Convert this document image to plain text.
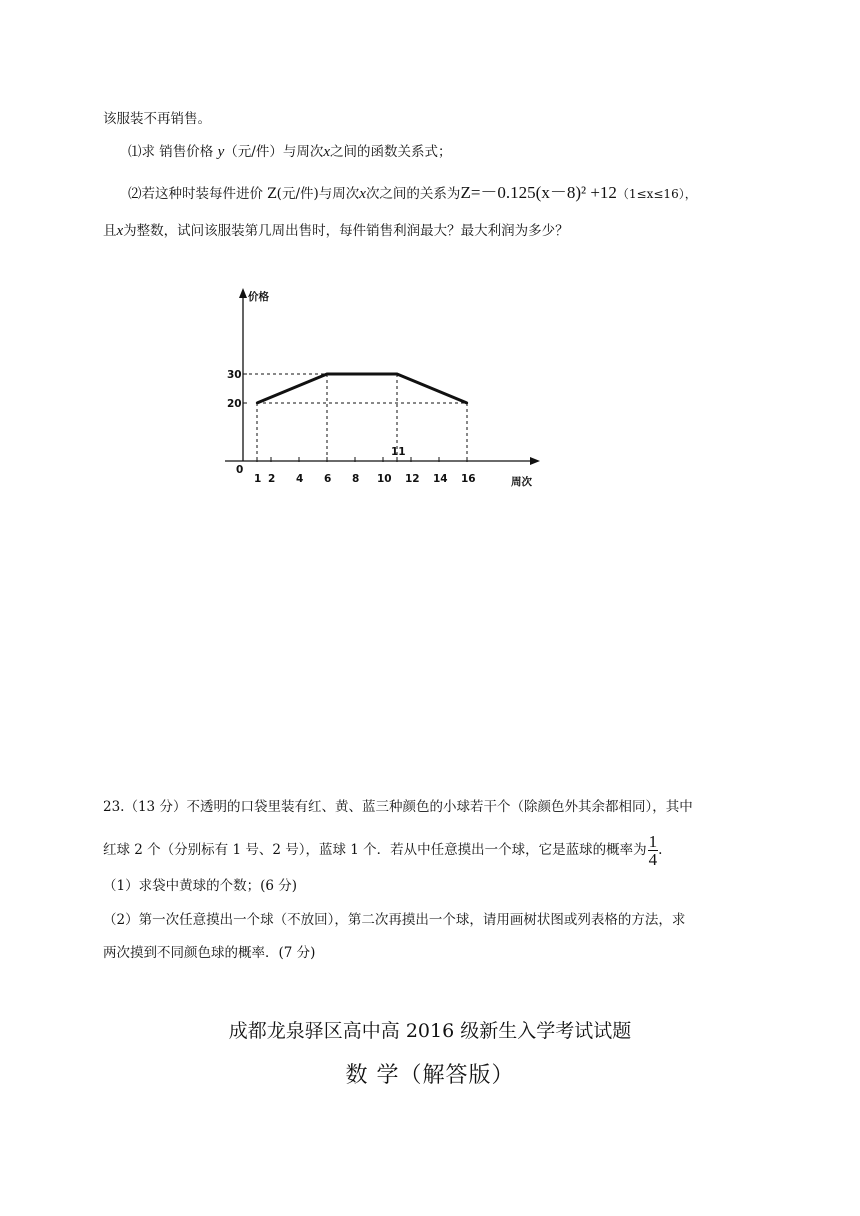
该服装不再销售。
⑴求 销售价格 y（元/件）与周次x之间的函数关系式；
⑵若这种时装每件进价 Z(元/件)与周次x次之间的关系为Z=－0.125(x－8)² +12（1≤x≤16），
且x为整数，试问该服装第几周出售时，每件销售利润最大？最大利润为多少？
价格
周次
0
1 2 4 6 8 10
11
12 14 16
20
30
23.（13 分）不透明的口袋里装有红、黄、蓝三种颜色的小球若干个（除颜色外其余都相同），其中
红球 2 个（分别标有 1 号、2 号），蓝球 1 个．若从中任意摸出一个球，它是蓝球的概率为 $\frac{1}{4}$ .
（1）求袋中黄球的个数；(6 分)
（2）第一次任意摸出一个球（不放回），第二次再摸出一个球，请用画树状图或列表格的方法，求
两次摸到不同颜色球的概率．(7 分)
成都龙泉驿区高中高 2016 级新生入学考试试题
数 学（解答版）
